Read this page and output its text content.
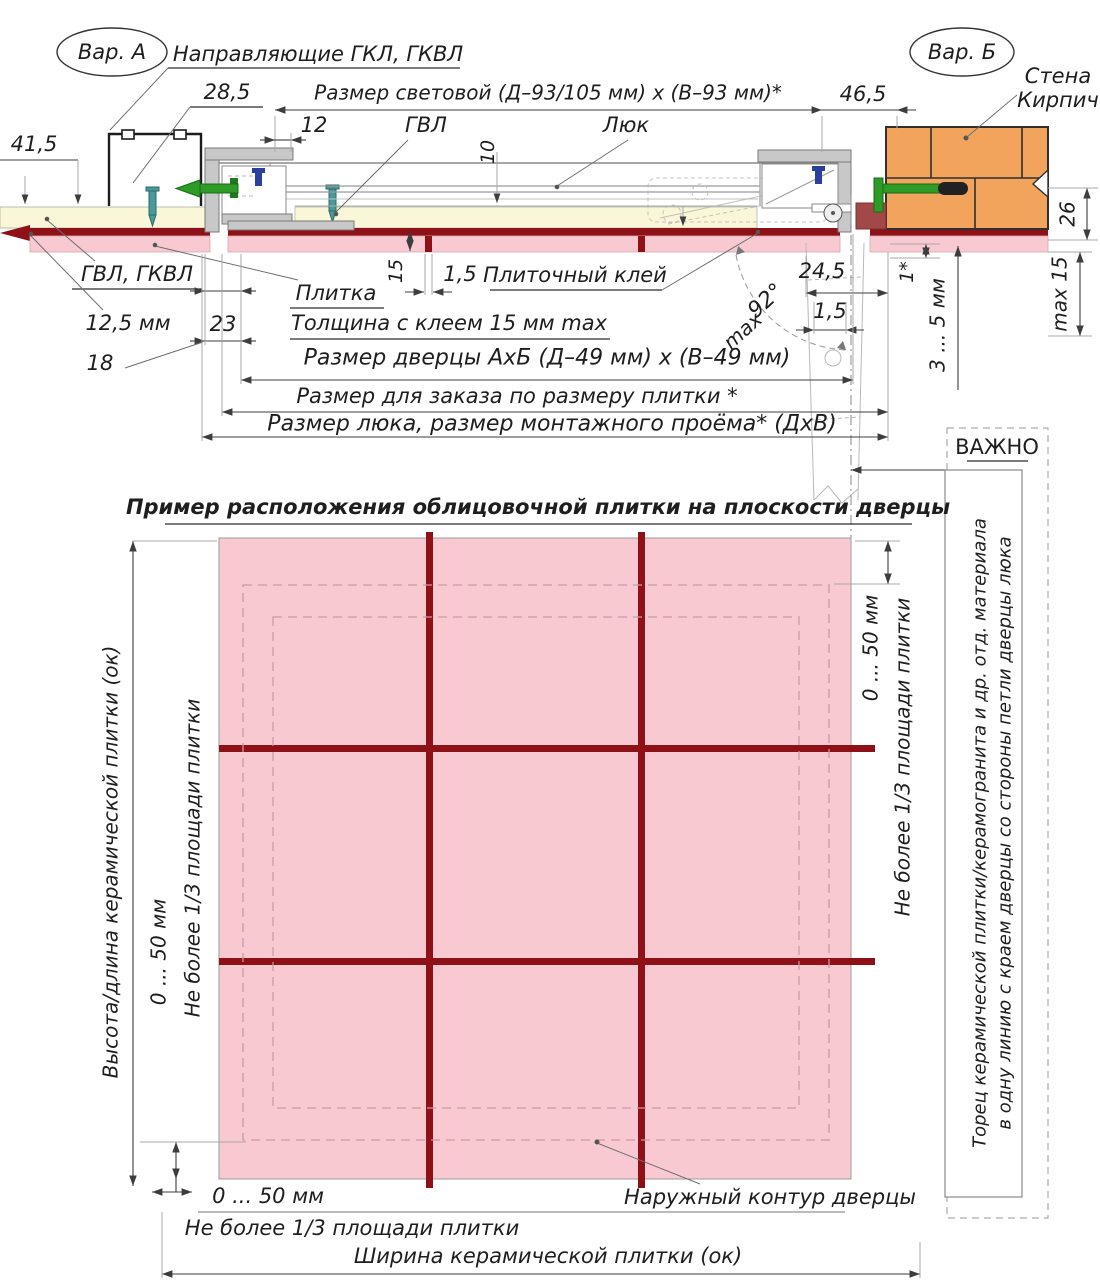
Вар. А	Вар. Б
Направляющие ГКЛ, ГКВЛ
28,5	Размер световой (Д–93/105 мм) х (В–93 мм)*	46,5
Стена
Кирпич
41,5
12	ГВЛ
10
Люк
26
ГВЛ, ГКВЛ
12,5 мм 23
18
Плитка
15 1,5 Плиточный клей
Толщина с клеем 15 мм max
24,5
1,5
92°
max
1*
3 ... 5 мм	max 15
Размер дверцы АхБ (Д–49 мм) х (В–49 мм)
Размер для заказа по размеру плитки *
Размер люка, размер монтажного проёма* (ДхВ)
ВАЖНО
Торец керамической плитки/керамогранита и др. отд. материала в одну линию с краем дверцы со стороны петли дверцы люка
Пример расположения облицовочной плитки на плоскости дверцы
Высота/длина керамической плитки (ок) 0 ... 50 мм Не более 1/3 площади плитки
0 ... 50 мм Не более 1/3 площади плитки
0 ... 50 мм
Не более 1/3 площади плитки
Наружный контур дверцы
Ширина керамической плитки (ок)
